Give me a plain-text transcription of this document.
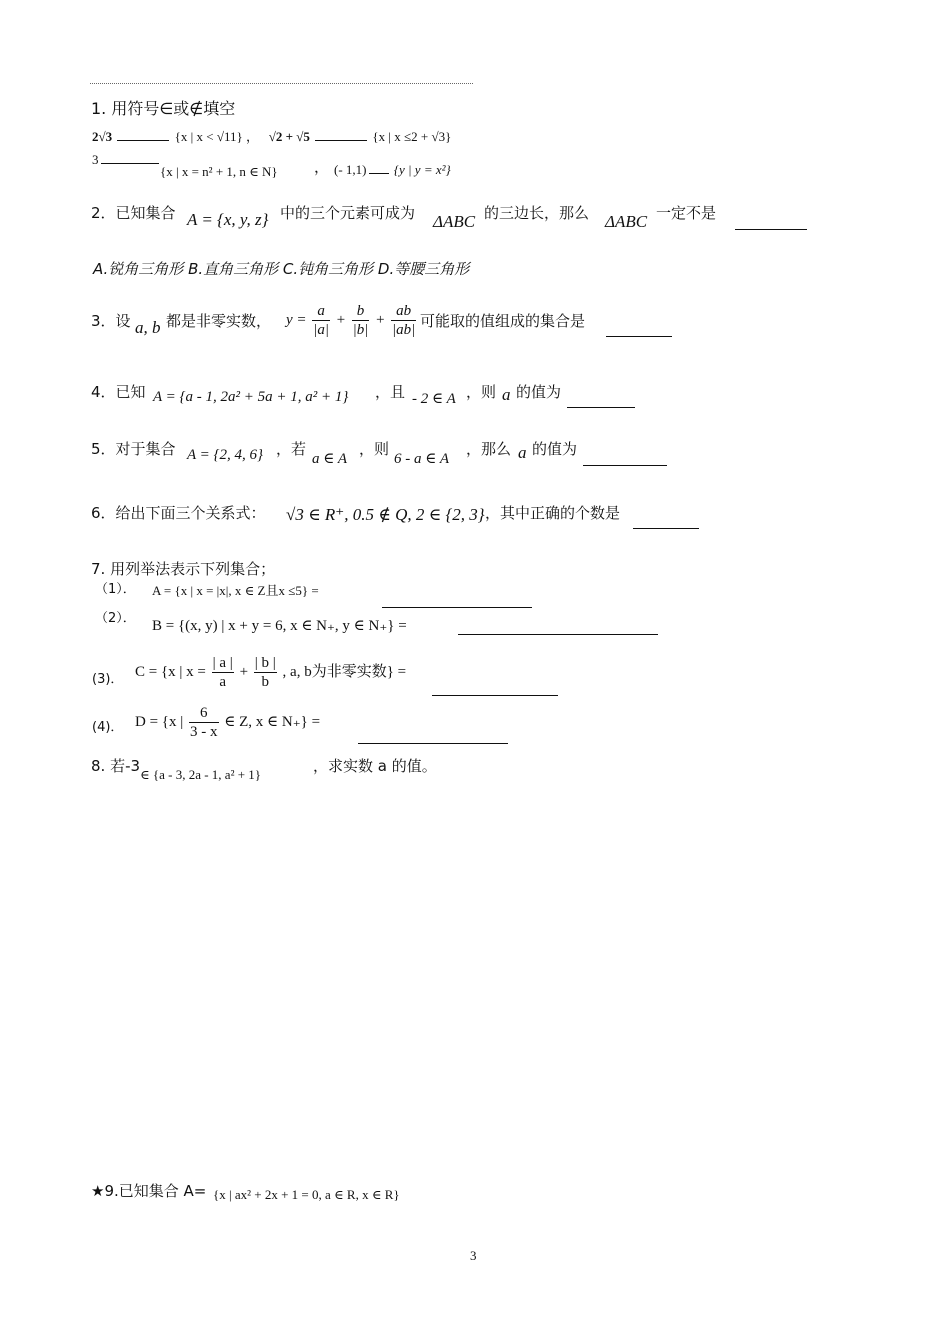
1. 用符号∈或∉填空
2√3	{x | x < √11} ， √2 + √5	{x | x ≤2 + √3}
3
{x | x = n² + 1, n ∈ N} ， (- 1,1) {y | y = x²}
2．已知集合 A = {x, y, z} 中的三个元素可成为 ΔABC 的三边长，那么 ΔABC 一定不是
A.锐角三角形 B.直角三角形 C.钝角三角形 D.等腰三角形
3．设 a, b 都是非零实数， $y = \frac{a}{|a|} + \frac{b}{|b|} + \frac{ab}{|ab|}$ 可能取的值组成的集合是
4．已知 A = {a - 1, 2a² + 5a + 1, a² + 1} ，且 - 2 ∈ A ，则 a 的值为
5．对于集合 A = {2, 4, 6} ，若
a ∈ A
，则
6 - a ∈ A
，那么 a 的值为
6．给出下面三个关系式： √3 ∈ R⁺, 0.5 ∉ Q, 2 ∈ {2, 3} ，其中正确的个数是
7. 用列举法表示下列集合；
（1）． A = {x | x = |x|, x ∈ Z且x ≤5} =
（2）． B = {(x, y) | x + y = 6, x ∈ N₊, y ∈ N₊} =
(3)． C = {x | $x = \frac{| a |}{a} + \frac{| b |}{b}$ , a, b为非零实数} =
(4)． D = {x | $\frac{6}{3 - x}$ ∈ Z, x ∈ N₊} =
8. 若-3 ∈ {a - 3, 2a - 1, a² + 1}	，求实数 a 的值。
★9.已知集合 A= {x | ax² + 2x + 1 = 0, a ∈ R, x ∈ R}
3
